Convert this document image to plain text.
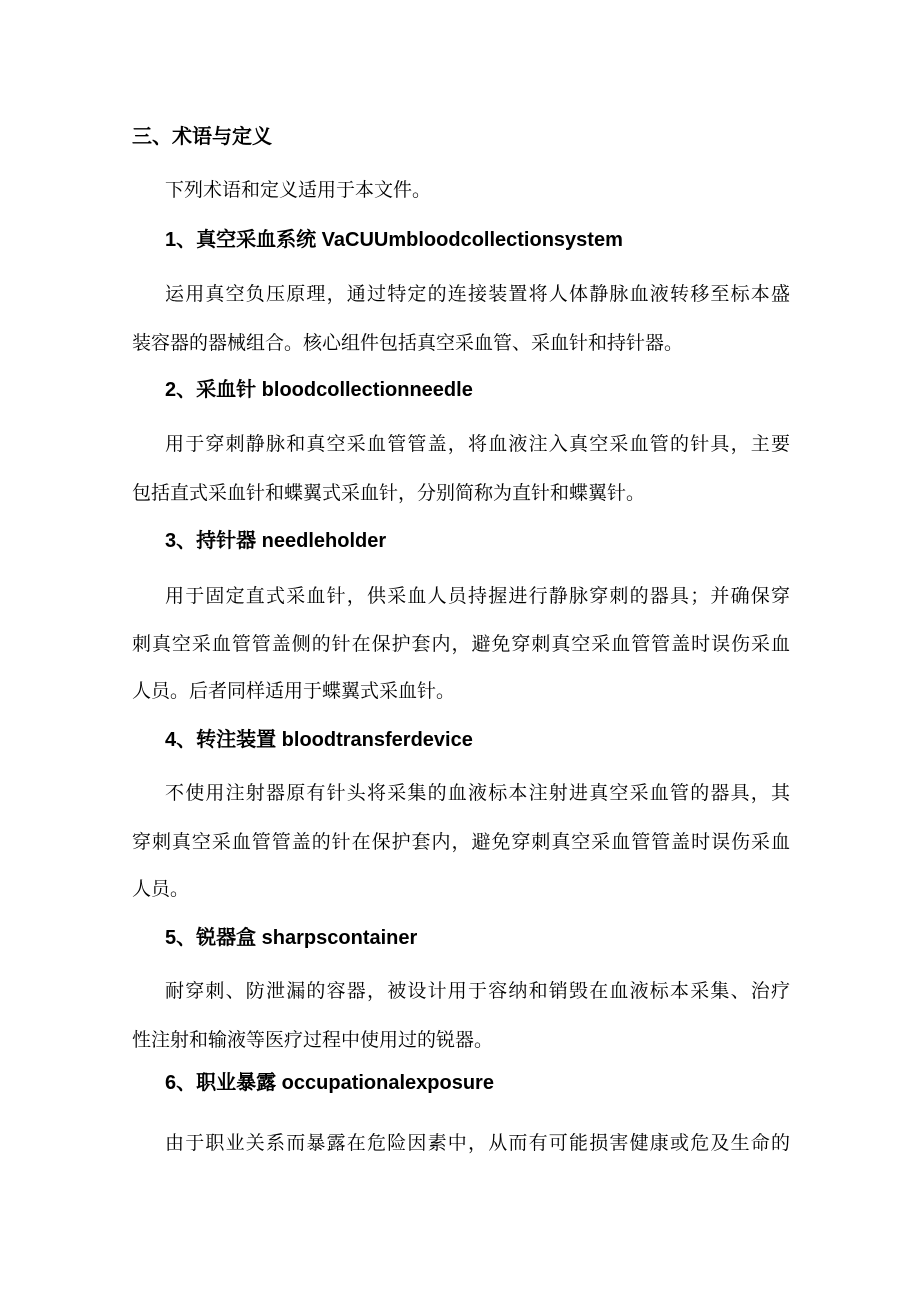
三、术语与定义
下列术语和定义适用于本文件。
1、真空采血系统 VaCUUmbloodcollectionsystem
运用真空负压原理，通过特定的连接装置将人体静脉血液转移至标本盛
装容器的器械组合。核心组件包括真空采血管、采血针和持针器。
2、采血针 bloodcollectionneedle
用于穿刺静脉和真空采血管管盖，将血液注入真空采血管的针具，主要
包括直式采血针和蝶翼式采血针，分别简称为直针和蝶翼针。
3、持针器 needleholder
用于固定直式采血针，供采血人员持握进行静脉穿刺的器具；并确保穿
刺真空采血管管盖侧的针在保护套内，避免穿刺真空采血管管盖时误伤采血
人员。后者同样适用于蝶翼式采血针。
4、转注装置 bloodtransferdevice
不使用注射器原有针头将采集的血液标本注射进真空采血管的器具，其
穿刺真空采血管管盖的针在保护套内，避免穿刺真空采血管管盖时误伤采血
人员。
5、锐器盒 sharpscontainer
耐穿刺、防泄漏的容器，被设计用于容纳和销毁在血液标本采集、治疗
性注射和输液等医疗过程中使用过的锐器。
6、职业暴露 occupationalexposure
由于职业关系而暴露在危险因素中，从而有可能损害健康或危及生命的
